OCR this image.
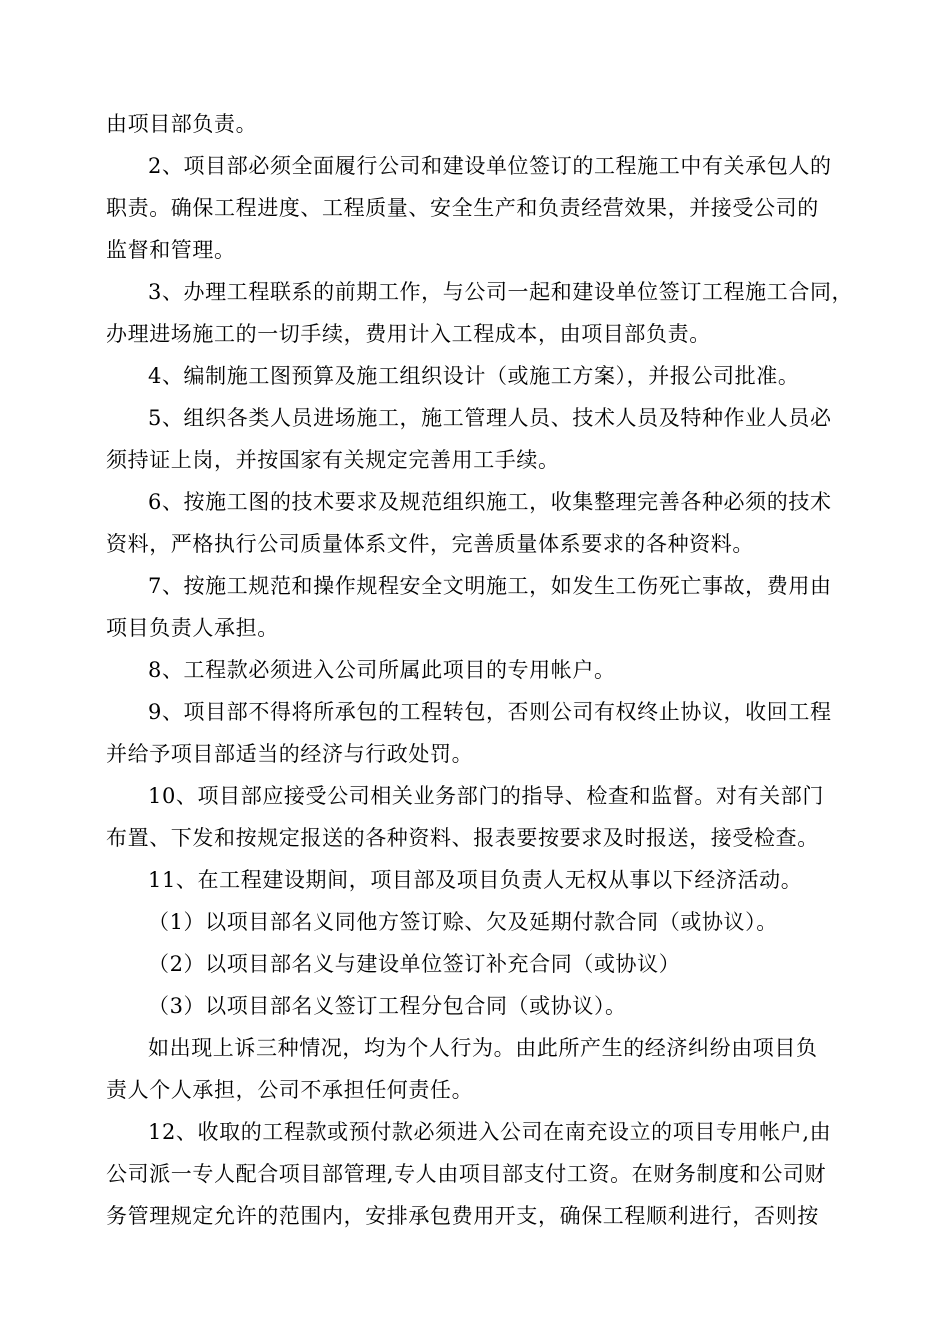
由项目部负责。
2、项目部必须全面履行公司和建设单位签订的工程施工中有关承包人的
职责。确保工程进度、工程质量、安全生产和负责经营效果，并接受公司的
监督和管理。
3、办理工程联系的前期工作，与公司一起和建设单位签订工程施工合同，
办理进场施工的一切手续，费用计入工程成本，由项目部负责。
4、编制施工图预算及施工组织设计（或施工方案），并报公司批准。
5、组织各类人员进场施工，施工管理人员、技术人员及特种作业人员必
须持证上岗，并按国家有关规定完善用工手续。
6、按施工图的技术要求及规范组织施工，收集整理完善各种必须的技术
资料，严格执行公司质量体系文件，完善质量体系要求的各种资料。
7、按施工规范和操作规程安全文明施工，如发生工伤死亡事故，费用由
项目负责人承担。
8、工程款必须进入公司所属此项目的专用帐户。
9、项目部不得将所承包的工程转包，否则公司有权终止协议，收回工程
并给予项目部适当的经济与行政处罚。
10、项目部应接受公司相关业务部门的指导、检查和监督。对有关部门
布置、下发和按规定报送的各种资料、报表要按要求及时报送，接受检查。
11、在工程建设期间，项目部及项目负责人无权从事以下经济活动。
（1）以项目部名义同他方签订赊、欠及延期付款合同（或协议）。
（2）以项目部名义与建设单位签订补充合同（或协议）
（3）以项目部名义签订工程分包合同（或协议）。
如出现上诉三种情况，均为个人行为。由此所产生的经济纠纷由项目负
责人个人承担，公司不承担任何责任。
12、收取的工程款或预付款必须进入公司在南充设立的项目专用帐户,由
公司派一专人配合项目部管理,专人由项目部支付工资。在财务制度和公司财
务管理规定允许的范围内，安排承包费用开支，确保工程顺利进行，否则按
